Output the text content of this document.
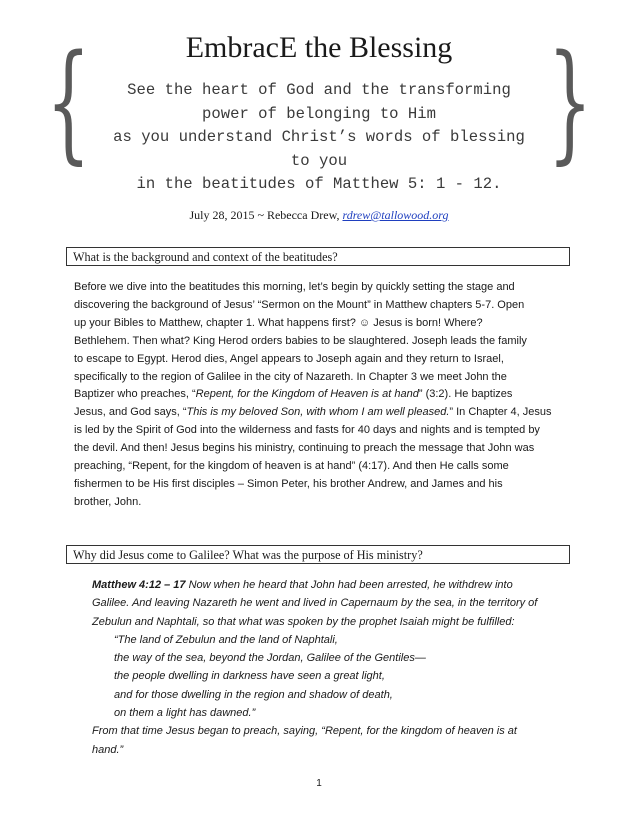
{	}
EmbracE the Blessing
See the heart of God and the transforming
power of belonging to Him
as you understand Christ’s words of blessing
to you
in the beatitudes of Matthew 5: 1 - 12.
July 28, 2015 ~ Rebecca Drew, rdrew@tallowood.org
What is the background and context of the beatitudes?
Before we dive into the beatitudes this morning, let’s begin by quickly setting the stage and
discovering the background of Jesus’ “Sermon on the Mount” in Matthew chapters 5-7. Open
up your Bibles to Matthew, chapter 1. What happens first? ☺ Jesus is born! Where?
Bethlehem. Then what? King Herod orders babies to be slaughtered. Joseph leads the family
to escape to Egypt. Herod dies, Angel appears to Joseph again and they return to Israel,
specifically to the region of Galilee in the city of Nazareth. In Chapter 3 we meet John the
Baptizer who preaches, “Repent, for the Kingdom of Heaven is at hand” (3:2). He baptizes
Jesus, and God says, “This is my beloved Son, with whom I am well pleased.” In Chapter 4, Jesus
is led by the Spirit of God into the wilderness and fasts for 40 days and nights and is tempted by
the devil. And then! Jesus begins his ministry, continuing to preach the message that John was
preaching, “Repent, for the kingdom of heaven is at hand” (4:17). And then He calls some
fishermen to be His first disciples – Simon Peter, his brother Andrew, and James and his
brother, John.
Why did Jesus come to Galilee? What was the purpose of His ministry?
Matthew 4:12 – 17 Now when he heard that John had been arrested, he withdrew into
Galilee. And leaving Nazareth he went and lived in Capernaum by the sea, in the territory of
Zebulun and Naphtali, so that what was spoken by the prophet Isaiah might be fulfilled:
“The land of Zebulun and the land of Naphtali,
the way of the sea, beyond the Jordan, Galilee of the Gentiles—
the people dwelling in darkness have seen a great light,
and for those dwelling in the region and shadow of death,
on them a light has dawned.”
From that time Jesus began to preach, saying, “Repent, for the kingdom of heaven is at
hand.”
1
